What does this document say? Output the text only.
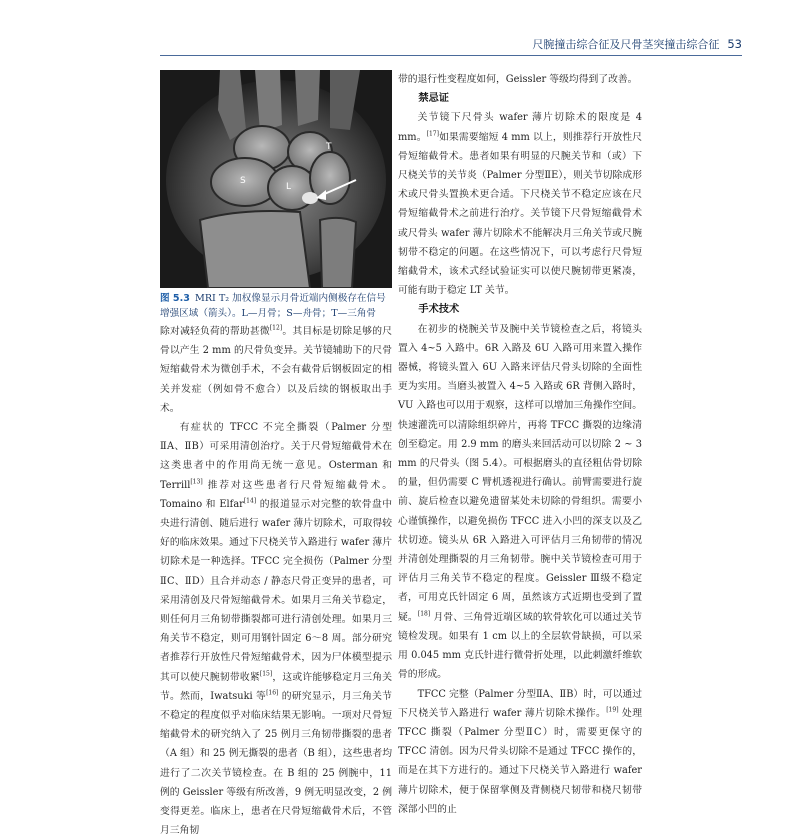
尺腕撞击综合征及尺骨茎突撞击综合征 53
S
L
T
图 5.3 MRI T₂ 加权像显示月骨近端内侧极存在信号增强区域（箭头）。L—月骨；S—舟骨；T—三角骨

除对减轻负荷的帮助甚微[12]。其目标是切除足够的尺骨以产生 2 mm 的尺骨负变异。关节镜辅助下的尺骨短缩截骨术为微创手术，不会有截骨后钢板固定的相关并发症（例如骨不愈合）以及后续的钢板取出手术。

有症状的 TFCC 不完全撕裂（Palmer 分型ⅡA、ⅡB）可采用清创治疗。关于尺骨短缩截骨术在这类患者中的作用尚无统一意见。Osterman 和 Terrill[13] 推荐对这些患者行尺骨短缩截骨术。Tomaino 和 Elfar[14] 的报道显示对完整的软骨盘中央进行清创、随后进行 wafer 薄片切除术，可取得较好的临床效果。通过下尺桡关节入路进行 wafer 薄片切除术是一种选择。TFCC 完全损伤（Palmer 分型ⅡC、ⅡD）且合并动态 / 静态尺骨正变异的患者，可采用清创及尺骨短缩截骨术。如果月三角关节稳定，则任何月三角韧带撕裂都可进行清创处理。如果月三角关节不稳定，则可用钢针固定 6～8 周。部分研究者推荐行开放性尺骨短缩截骨术，因为尸体模型提示其可以使尺腕韧带收紧[15]，这或许能够稳定月三角关节。然而，Iwatsuki 等[16] 的研究显示，月三角关节不稳定的程度似乎对临床结果无影响。一项对尺骨短缩截骨术的研究纳入了 25 例月三角韧带撕裂的患者（A 组）和 25 例无撕裂的患者（B 组），这些患者均进行了二次关节镜检查。在 B 组的 25 例腕中，11 例的 Geissler 等级有所改善，9 例无明显改变，2 例变得更差。临床上，患者在尺骨短缩截骨术后，不管月三角韧

带的退行性变程度如何，Geissler 等级均得到了改善。

禁忌证

关节镜下尺骨头 wafer 薄片切除术的限度是 4 mm。[17]如果需要缩短 4 mm 以上，则推荐行开放性尺骨短缩截骨术。患者如果有明显的尺腕关节和（或）下尺桡关节的关节炎（Palmer 分型ⅡE），则关节切除成形术或尺骨头置换术更合适。下尺桡关节不稳定应该在尺骨短缩截骨术之前进行治疗。关节镜下尺骨短缩截骨术或尺骨头 wafer 薄片切除术不能解决月三角关节或尺腕韧带不稳定的问题。在这些情况下，可以考虑行尺骨短缩截骨术，该术式经试验证实可以使尺腕韧带更紧凑，可能有助于稳定 LT 关节。

手术技术

在初步的桡腕关节及腕中关节镜检查之后，将镜头置入 4~5 入路中。6R 入路及 6U 入路可用来置入操作器械，将镜头置入 6U 入路来评估尺骨头切除的全面性更为实用。当磨头被置入 4~5 入路或 6R 背侧入路时，VU 入路也可以用于观察，这样可以增加三角操作空间。快速灌洗可以清除组织碎片，再将 TFCC 撕裂的边缘清创至稳定。用 2.9 mm 的磨头来回活动可以切除 2 ~ 3 mm 的尺骨头（图 5.4）。可根据磨头的直径粗估骨切除的量，但仍需要 C 臂机透视进行确认。前臂需要进行旋前、旋后检查以避免遗留某处未切除的骨组织。需要小心谨慎操作，以避免损伤 TFCC 进入小凹的深支以及乙状切迹。镜头从 6R 入路进入可评估月三角韧带的情况并清创处理撕裂的月三角韧带。腕中关节镜检查可用于评估月三角关节不稳定的程度。Geissler Ⅲ级不稳定者，可用克氏针固定 6 周，虽然该方式近期也受到了置疑。[18] 月骨、三角骨近端区域的软骨软化可以通过关节镜检发现。如果有 1 cm 以上的全层软骨缺损，可以采用 0.045 mm 克氏针进行微骨折处理，以此刺激纤维软骨的形成。

TFCC 完整（Palmer 分型ⅡA、ⅡB）时，可以通过下尺桡关节入路进行 wafer 薄片切除术操作。[19] 处理 TFCC 撕裂（Palmer 分型ⅡC）时，需要更保守的 TFCC 清创。因为尺骨头切除不是通过 TFCC 操作的，而是在其下方进行的。通过下尺桡关节入路进行 wafer 薄片切除术，便于保留掌侧及背侧桡尺韧带和桡尺韧带深部小凹的止
